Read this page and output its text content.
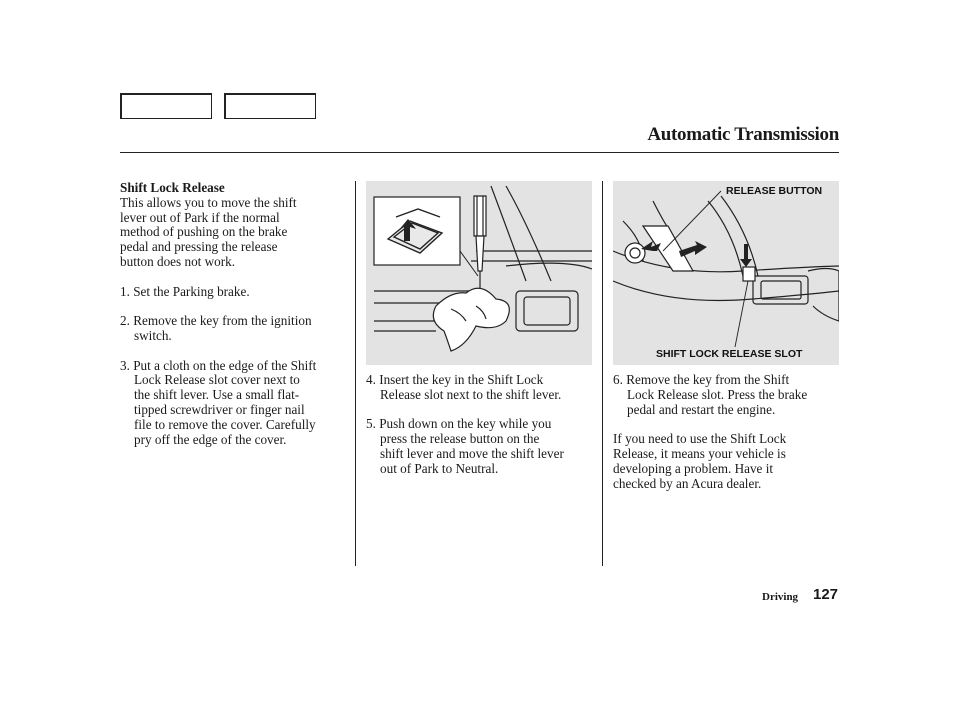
Automatic Transmission

Shift Lock Release

This allows you to move the shift

lever out of Park if the normal

method of pushing on the brake

pedal and pressing the release

button does not work.

1. Set the Parking brake.

2. Remove the key from the ignition

switch.

3. Put a cloth on the edge of the Shift

Lock Release slot cover next to

the shift lever. Use a small flat-

tipped screwdriver or finger nail

file to remove the cover. Carefully

pry off the edge of the cover.

4. Insert the key in the Shift Lock

Release slot next to the shift lever.

5. Push down on the key while you

press the release button on the

shift lever and move the shift lever

out of Park to Neutral.

RELEASE BUTTON
SHIFT LOCK RELEASE SLOT

6. Remove the key from the Shift

Lock Release slot. Press the brake

pedal and restart the engine.

If you need to use the Shift Lock

Release, it means your vehicle is

developing a problem. Have it

checked by an Acura dealer.

Driving 127
